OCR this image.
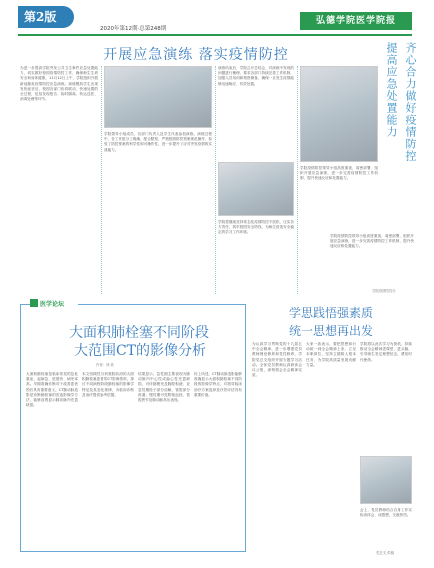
第2版
2020年第12期·总第248期
弘德学院医学院报
开展应急演练 落实疫情防控
为进一步提高学院突发公共卫生事件应急处置能力，切实做好校园疫情防控工作，确保师生生命安全和身体健康，11月12日上午，学院组织开展新冠肺炎疫情防控应急演练。演练模拟学生出现发热症状后，校园各部门协同联动、快速处置的全过程，包括发现报告、临时隔离、转运送医、消毒处理等环节。
学院领导小组成员、各部门负责人及学生代表参加演练。演练过程中，各工作组分工明确、配合默契，严格按照防控预案规范操作，检验了防控预案的科学性和可操作性，进一步提升了应对突发疫情的实战能力。
演练结束后，学院召开总结会，对演练中发现的问题进行梳理，要求各部门持续完善工作机制，加强人员培训和物资储备，确保一旦发生疫情能够迅速响应、有效处置。
学院将继续坚持常态化疫情防控不放松，压实各方责任，筑牢校园安全防线，为师生营造安全稳定的学习工作环境。
学院疫情防控领导小组高度重视，周密部署，组织开展应急演练，进一步完善疫情防控工作机制，提升快速反应和处置能力。
齐心合力做好疫情防控
提高应急处置能力
学院疫情防控领导小组高度重视，周密部署，组织开展应急演练，进一步完善疫情防控工作机制，提升快速反应和处置能力。
学院疫情防控办
医学论坛
大面积肺栓塞不同阶段
大范围CT的影像分析
作者：徐 欣
大面积肺栓塞是临床常见的急危重症，起病急、进展快、病死率高。早期准确诊断对于改善患者预后具有重要意义。CT肺动脉造影是诊断肺栓塞的首选影像学方法，能够直观显示肺动脉内充盈缺损。
本文回顾性分析我院收治的大面积肺栓塞患者的CT影像资料，探讨不同病程阶段肺栓塞的影像学特征及其变化规律，为临床诊断及治疗提供参考依据。
结果显示，急性期主要表现为肺动脉内中心性或偏心性充盈缺损，可伴肺梗死及胸腔积液；亚急性期栓子部分溶解，管腔部分再通；慢性期可见附壁血栓、管腔狭窄及肺动脉高压表现。
综上所述，CT肺动脉造影能够准确显示大面积肺栓塞不同阶段的影像学特点，对指导临床治疗方案选择及疗效评估具有重要价值。
学思践悟强素质
统一思想再出发
为认真学习贯彻党的十九届五中全会精神，进一步增强党员教师理论修养和党性修养，学院党总支组织开展专题学习活动。全体党员教师认真研读会议公报，深刻领会全会精神实质。
大家一致表示，要把思想和行动统一到全会精神上来，立足本职岗位，坚持立德树人根本任务，为学院高质量发展贡献力量。
学院将以此次学习为契机，持续推动全会精神进课堂、进头脑，引导师生坚定理想信念，勇担时代使命。
会上，党员教师结合自身工作实际谈体会、谈感想，交流热烈。
党总支 供稿
